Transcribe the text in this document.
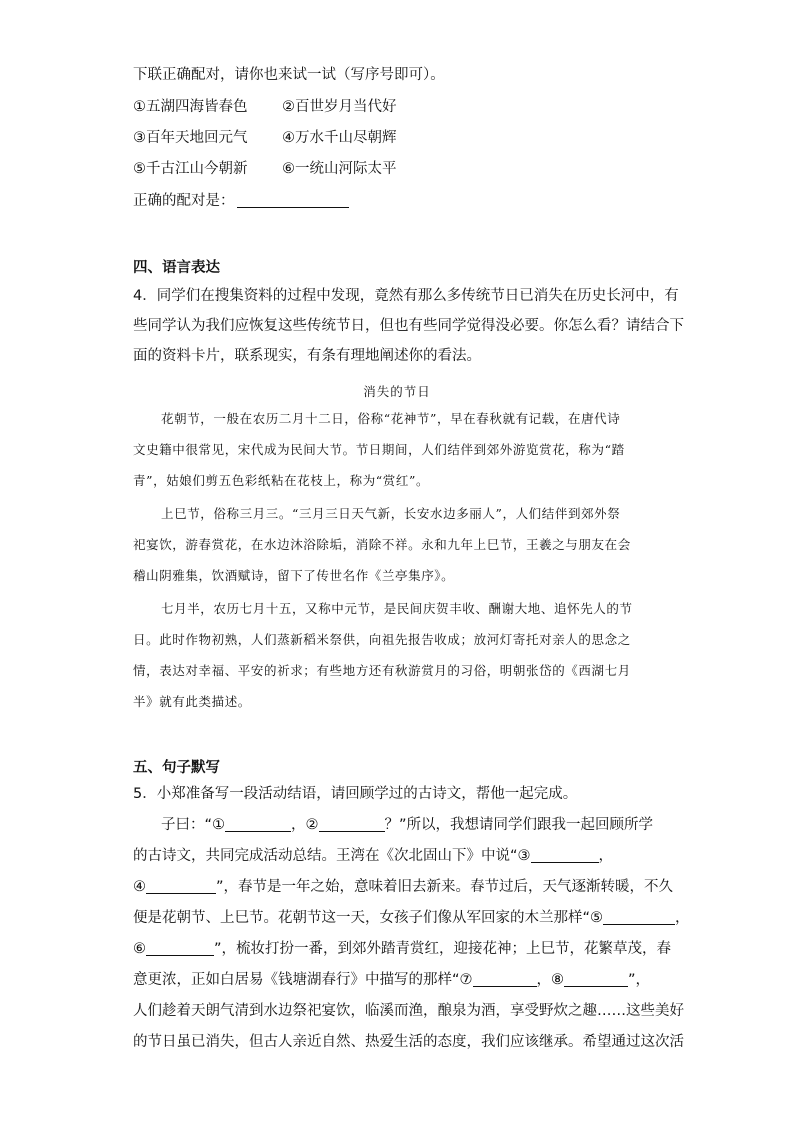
下联正确配对，请你也来试一试（写序号即可）。
①五湖四海皆春色 ②百世岁月当代好
③百年天地回元气 ④万水千山尽朝辉
⑤千古江山今朝新 ⑥一统山河际太平
正确的配对是：
四、语言表达
4．同学们在搜集资料的过程中发现，竟然有那么多传统节日已消失在历史长河中，有
些同学认为我们应恢复这些传统节日，但也有些同学觉得没必要。你怎么看？请结合下
面的资料卡片，联系现实，有条有理地阐述你的看法。
消失的节日
花朝节，一般在农历二月十二日，俗称“花神节”，早在春秋就有记载，在唐代诗
文史籍中很常见，宋代成为民间大节。节日期间，人们结伴到郊外游览赏花，称为“踏
青”，姑娘们剪五色彩纸粘在花枝上，称为“赏红”。
上巳节，俗称三月三。“三月三日天气新，长安水边多丽人”，人们结伴到郊外祭
祀宴饮，游春赏花，在水边沐浴除垢，消除不祥。永和九年上巳节，王羲之与朋友在会
稽山阴雅集，饮酒赋诗，留下了传世名作《兰亭集序》。
七月半，农历七月十五，又称中元节，是民间庆贺丰收、酬谢大地、追怀先人的节
日。此时作物初熟，人们蒸新稻米祭供，向祖先报告收成；放河灯寄托对亲人的思念之
情，表达对幸福、平安的祈求；有些地方还有秋游赏月的习俗，明朝张岱的《西湖七月
半》就有此类描述。
五、句子默写
5．小郑准备写一段活动结语，请回顾学过的古诗文，帮他一起完成。
子曰：“①	，②	？”所以，我想请同学们跟我一起回顾所学
的古诗文，共同完成活动总结。王湾在《次北固山下》中说“③	，
④	”，春节是一年之始，意味着旧去新来。春节过后，天气逐渐转暖，不久
便是花朝节、上巳节。花朝节这一天，女孩子们像从军回家的木兰那样“⑤	，
⑥	”，梳妆打扮一番，到郊外踏青赏红，迎接花神；上巳节，花繁草茂，春
意更浓，正如白居易《钱塘湖春行》中描写的那样“⑦	，⑧	”，
人们趁着天朗气清到水边祭祀宴饮，临溪而渔，酿泉为酒，享受野炊之趣……这些美好
的节日虽已消失，但古人亲近自然、热爱生活的态度，我们应该继承。希望通过这次活
